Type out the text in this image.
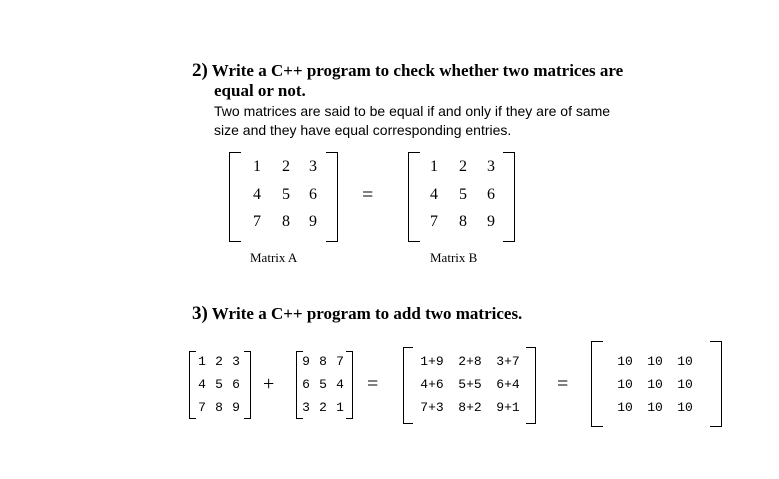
2) Write a C++ program to check whether two matrices are
equal or not.
Two matrices are said to be equal if and only if they are of same
size and they have equal corresponding entries.
1	2	3
4	5	6
7	8	9
=
1	2	3
4	5	6
7	8	9
Matrix A	Matrix B
3) Write a C++ program to add two matrices.
1 2 3
4 5 6
7 8 9
+
9 8 7
6 5 4
3 2 1
=
1+9	2+8	3+7
4+6	5+5	6+4
7+3	8+2	9+1
=
10	10	10
10	10	10
10	10	10
